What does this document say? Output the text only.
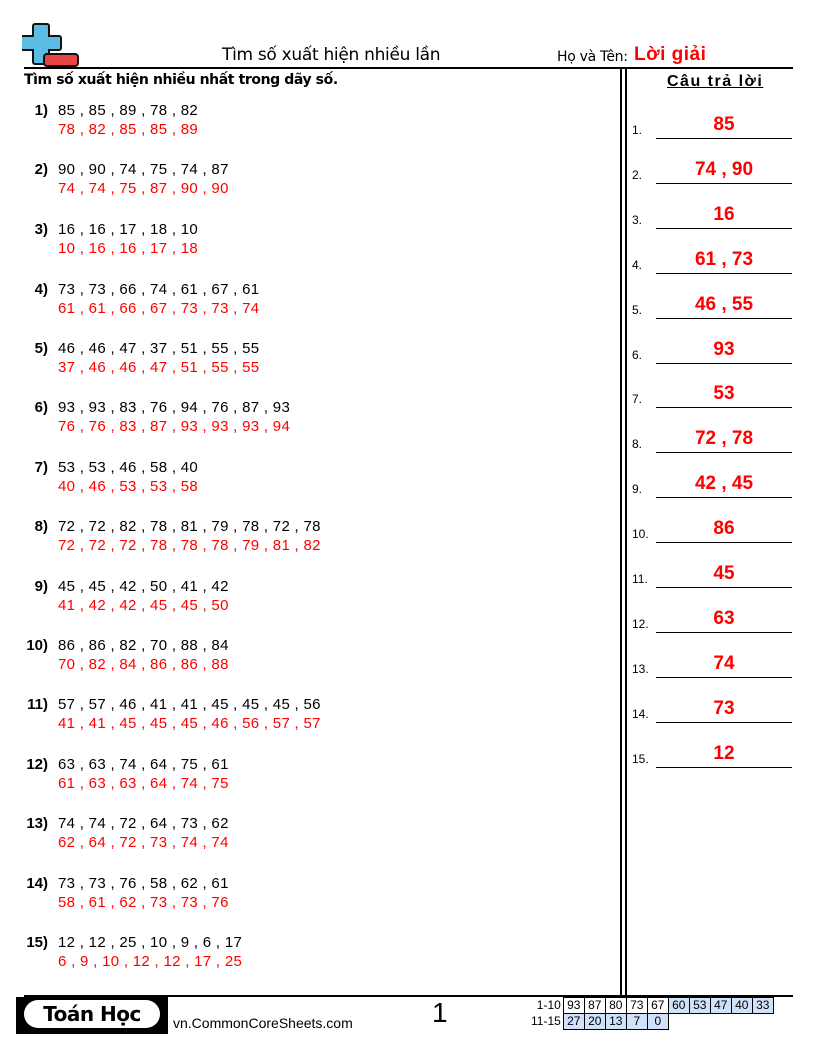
Tìm số xuất hiện nhiều lần	Họ và Tên: Lời giải
Tìm số xuất hiện nhiều nhất trong dãy số.	Câu trả lời
1) 85 , 85 , 89 , 78 , 82
78 , 82 , 85 , 85 , 89
2) 90 , 90 , 74 , 75 , 74 , 87
74 , 74 , 75 , 87 , 90 , 90
3) 16 , 16 , 17 , 18 , 10
10 , 16 , 16 , 17 , 18
4) 73 , 73 , 66 , 74 , 61 , 67 , 61
61 , 61 , 66 , 67 , 73 , 73 , 74
5) 46 , 46 , 47 , 37 , 51 , 55 , 55
37 , 46 , 46 , 47 , 51 , 55 , 55
6) 93 , 93 , 83 , 76 , 94 , 76 , 87 , 93
76 , 76 , 83 , 87 , 93 , 93 , 93 , 94
7) 53 , 53 , 46 , 58 , 40
40 , 46 , 53 , 53 , 58
8) 72 , 72 , 82 , 78 , 81 , 79 , 78 , 72 , 78
72 , 72 , 72 , 78 , 78 , 78 , 79 , 81 , 82
9) 45 , 45 , 42 , 50 , 41 , 42
41 , 42 , 42 , 45 , 45 , 50
10) 86 , 86 , 82 , 70 , 88 , 84
70 , 82 , 84 , 86 , 86 , 88
11) 57 , 57 , 46 , 41 , 41 , 45 , 45 , 45 , 56
41 , 41 , 45 , 45 , 45 , 46 , 56 , 57 , 57
12) 63 , 63 , 74 , 64 , 75 , 61
61 , 63 , 63 , 64 , 74 , 75
13) 74 , 74 , 72 , 64 , 73 , 62
62 , 64 , 72 , 73 , 74 , 74
14) 73 , 73 , 76 , 58 , 62 , 61
58 , 61 , 62 , 73 , 73 , 76
15) 12 , 12 , 25 , 10 , 9 , 6 , 17
6 , 9 , 10 , 12 , 12 , 17 , 25
1.	85
2.	74 , 90
3.	16
4.	61 , 73
5.	46 , 55
6.	93
7.	53
8.	72 , 78
9.	42 , 45
10.	86
11.	45
12.	63
13.	74
14.	73
15.	12
Toán Học	vn.CommonCoreSheets.com	1	1-10	93	87	80	73	67	60	53	47	40	33
11-15	27	20	13	7	0					
